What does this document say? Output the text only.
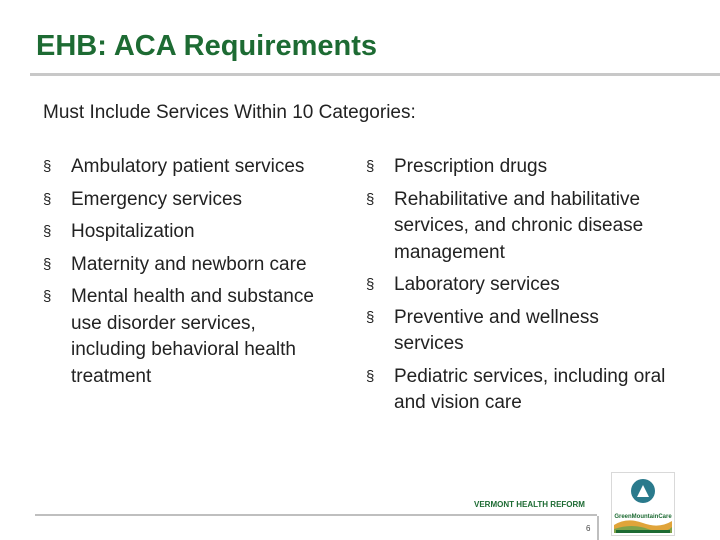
EHB: ACA Requirements
Must Include Services Within 10 Categories:
§ Ambulatory patient services
§ Emergency services
§ Hospitalization
§ Maternity and newborn care
§ Mental health and substance use disorder services, including behavioral health treatment
§ Prescription drugs
§ Rehabilitative and habilitative services, and chronic disease management
§ Laboratory services
§ Preventive and wellness services
§ Pediatric services, including oral and vision care
VERMONT HEALTH REFORM
6
GreenMountainCare
